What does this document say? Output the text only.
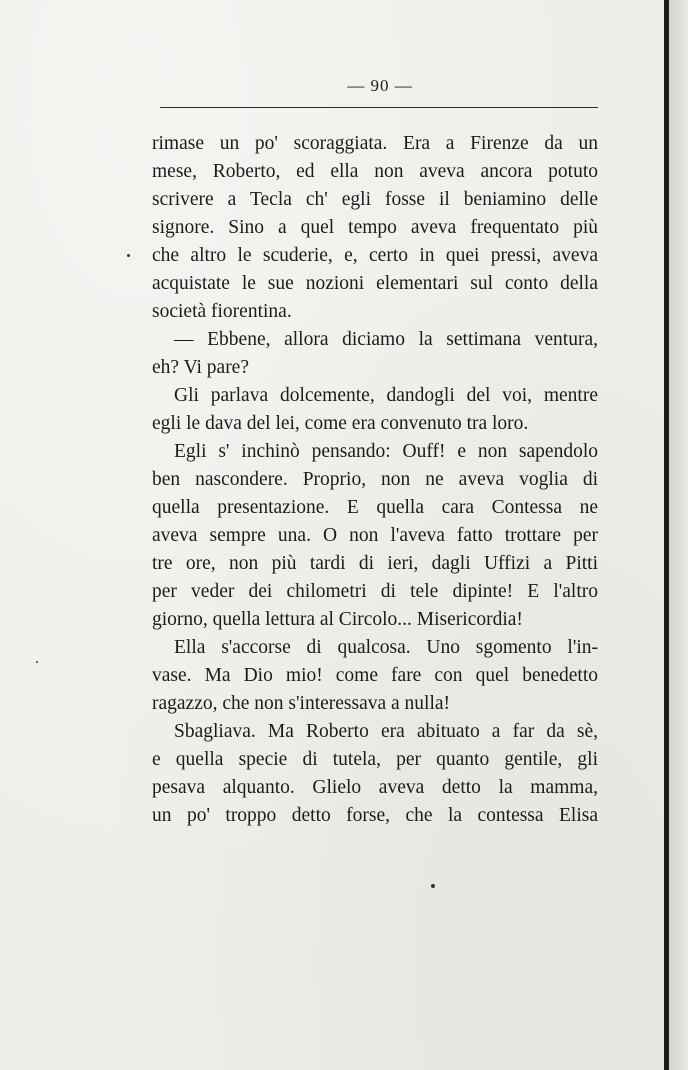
— 90 —
rimase un po' scoraggiata. Era a Firenze da un
mese, Roberto, ed ella non aveva ancora potuto
scrivere a Tecla ch' egli fosse il beniamino delle
signore. Sino a quel tempo aveva frequentato più
che altro le scuderie, e, certo in quei pressi, aveva
acquistate le sue nozioni elementari sul conto della
società fiorentina.
— Ebbene, allora diciamo la settimana ventura,
eh? Vi pare?
Gli parlava dolcemente, dandogli del voi, mentre
egli le dava del lei, come era convenuto tra loro.
Egli s' inchinò pensando: Ouff! e non sapendolo
ben nascondere. Proprio, non ne aveva voglia di
quella presentazione. E quella cara Contessa ne
aveva sempre una. O non l'aveva fatto trottare per
tre ore, non più tardi di ieri, dagli Uffizi a Pitti
per veder dei chilometri di tele dipinte! E l'altro
giorno, quella lettura al Circolo... Misericordia!
Ella s'accorse di qualcosa. Uno sgomento l'in-
vase. Ma Dio mio! come fare con quel benedetto
ragazzo, che non s'interessava a nulla!
Sbagliava. Ma Roberto era abituato a far da sè,
e quella specie di tutela, per quanto gentile, gli
pesava alquanto. Glielo aveva detto la mamma,
un po' troppo detto forse, che la contessa Elisa
